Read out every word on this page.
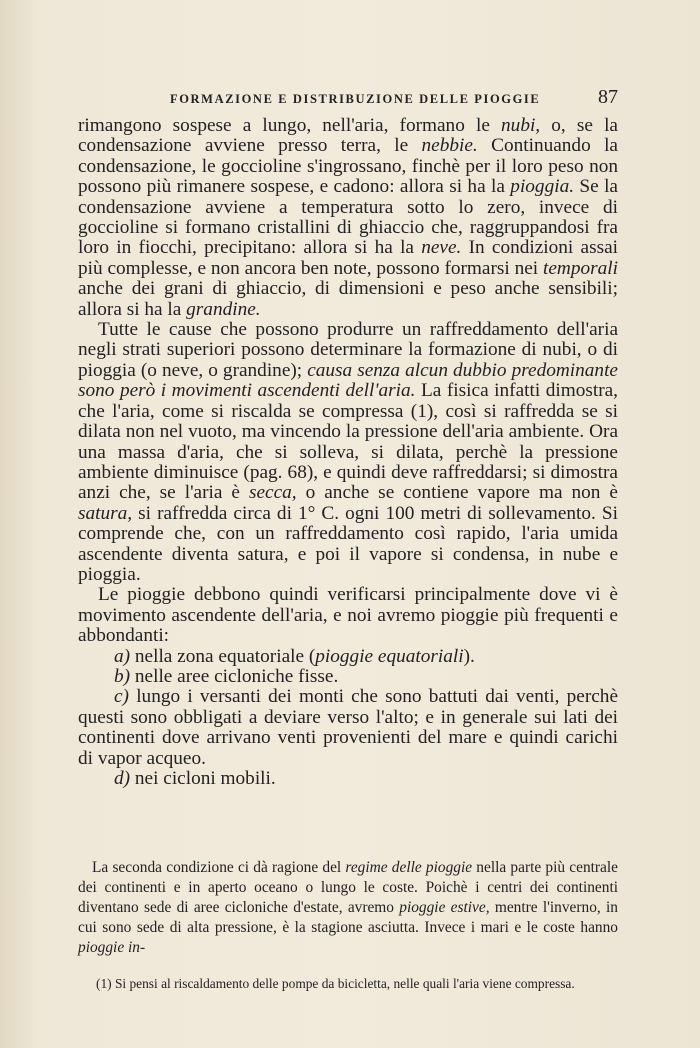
FORMAZIONE E DISTRIBUZIONE DELLE PIOGGIE	87

rimangono sospese a lungo, nell'aria, formano le nubi, o, se la condensazione avviene presso terra, le nebbie. Continuando la condensazione, le goccioline s'ingrossano, finchè per il loro peso non possono più rimanere sospese, e cadono: allora si ha la pioggia. Se la condensazione avviene a temperatura sotto lo zero, invece di goccioline si formano cristallini di ghiaccio che, raggruppandosi fra loro in fiocchi, precipitano: allora si ha la neve. In condizioni assai più complesse, e non ancora ben note, possono formarsi nei temporali anche dei grani di ghiaccio, di dimensioni e peso anche sensibili; allora si ha la grandine.

Tutte le cause che possono produrre un raffreddamento dell'aria negli strati superiori possono determinare la formazione di nubi, o di pioggia (o neve, o grandine); causa senza alcun dubbio predominante sono però i movimenti ascendenti dell'aria. La fisica infatti dimostra, che l'aria, come si riscalda se compressa (1), così si raffredda se si dilata non nel vuoto, ma vincendo la pressione dell'aria ambiente. Ora una massa d'aria, che si solleva, si dilata, perchè la pressione ambiente diminuisce (pag. 68), e quindi deve raffreddarsi; si dimostra anzi che, se l'aria è secca, o anche se contiene vapore ma non è satura, si raffredda circa di 1° C. ogni 100 metri di sollevamento. Si comprende che, con un raffreddamento così rapido, l'aria umida ascendente diventa satura, e poi il vapore si condensa, in nube e pioggia.

Le pioggie debbono quindi verificarsi principalmente dove vi è movimento ascendente dell'aria, e noi avremo pioggie più frequenti e abbondanti:

a) nella zona equatoriale (pioggie equatoriali).

b) nelle aree cicloniche fisse.

c) lungo i versanti dei monti che sono battuti dai venti, perchè questi sono obbligati a deviare verso l'alto; e in generale sui lati dei continenti dove arrivano venti provenienti del mare e quindi carichi di vapor acqueo.

d) nei cicloni mobili.

La seconda condizione ci dà ragione del regime delle pioggie nella parte più centrale dei continenti e in aperto oceano o lungo le coste. Poichè i centri dei continenti diventano sede di aree cicloniche d'estate, avremo pioggie estive, mentre l'inverno, in cui sono sede di alta pressione, è la stagione asciutta. Invece i mari e le coste hanno pioggie in-

(1) Si pensi al riscaldamento delle pompe da bicicletta, nelle quali l'aria viene compressa.
